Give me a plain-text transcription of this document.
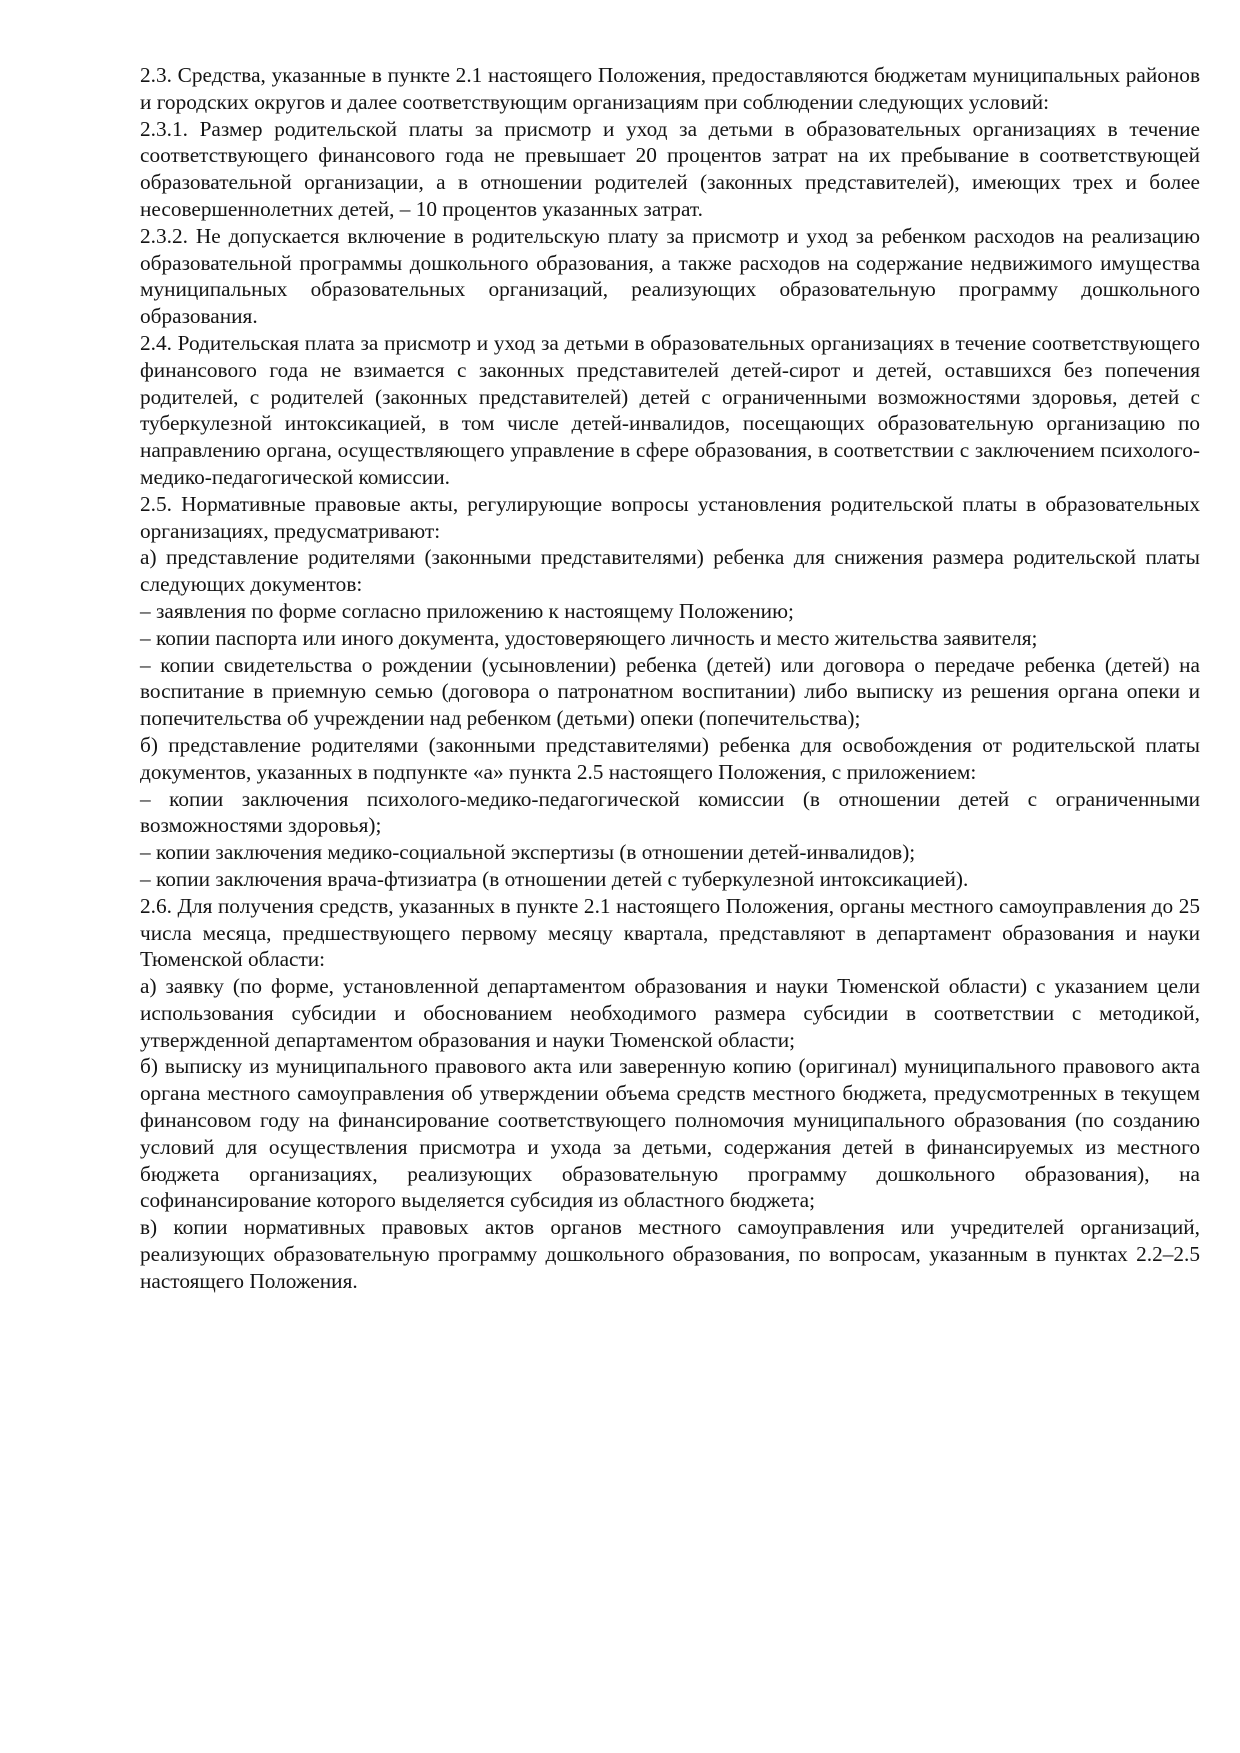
2.3. Средства, указанные в пункте 2.1 настоящего Положения, предоставляются бюджетам муниципальных районов и городских округов и далее соответствующим организациям при соблюдении следующих условий:

2.3.1. Размер родительской платы за присмотр и уход за детьми в образовательных организациях в течение соответствующего финансового года не превышает 20 процентов затрат на их пребывание в соответствующей образовательной организации, а в отношении родителей (законных представителей), имеющих трех и более несовершеннолетних детей, – 10 процентов указанных затрат.

2.3.2. Не допускается включение в родительскую плату за присмотр и уход за ребенком расходов на реализацию образовательной программы дошкольного образования, а также расходов на содержание недвижимого имущества муниципальных образовательных организаций, реализующих образовательную программу дошкольного образования.

2.4. Родительская плата за присмотр и уход за детьми в образовательных организациях в течение соответствующего финансового года не взимается с законных представителей детей-сирот и детей, оставшихся без попечения родителей, с родителей (законных представителей) детей с ограниченными возможностями здоровья, детей с туберкулезной интоксикацией, в том числе детей-инвалидов, посещающих образовательную организацию по направлению органа, осуществляющего управление в сфере образования, в соответствии с заключением психолого-медико-педагогической комиссии.

2.5. Нормативные правовые акты, регулирующие вопросы установления родительской платы в образовательных организациях, предусматривают:

а) представление родителями (законными представителями) ребенка для снижения размера родительской платы следующих документов:

– заявления по форме согласно приложению к настоящему Положению;

– копии паспорта или иного документа, удостоверяющего личность и место жительства заявителя;

– копии свидетельства о рождении (усыновлении) ребенка (детей) или договора о передаче ребенка (детей) на воспитание в приемную семью (договора о патронатном воспитании) либо выписку из решения органа опеки и попечительства об учреждении над ребенком (детьми) опеки (попечительства);

б) представление родителями (законными представителями) ребенка для освобождения от родительской платы документов, указанных в подпункте «а» пункта 2.5 настоящего Положения, с приложением:

– копии заключения психолого-медико-педагогической комиссии (в отношении детей с ограниченными возможностями здоровья);

– копии заключения медико-социальной экспертизы (в отношении детей-инвалидов);

– копии заключения врача-фтизиатра (в отношении детей с туберкулезной интоксикацией).

2.6. Для получения средств, указанных в пункте 2.1 настоящего Положения, органы местного самоуправления до 25 числа месяца, предшествующего первому месяцу квартала, представляют в департамент образования и науки Тюменской области:

а) заявку (по форме, установленной департаментом образования и науки Тюменской области) с указанием цели использования субсидии и обоснованием необходимого размера субсидии в соответствии с методикой, утвержденной департаментом образования и науки Тюменской области;

б) выписку из муниципального правового акта или заверенную копию (оригинал) муниципального правового акта органа местного самоуправления об утверждении объема средств местного бюджета, предусмотренных в текущем финансовом году на финансирование соответствующего полномочия муниципального образования (по созданию условий для осуществления присмотра и ухода за детьми, содержания детей в финансируемых из местного бюджета организациях, реализующих образовательную программу дошкольного образования), на софинансирование которого выделяется субсидия из областного бюджета;

в) копии нормативных правовых актов органов местного самоуправления или учредителей организаций, реализующих образовательную программу дошкольного образования, по вопросам, указанным в пунктах 2.2–2.5 настоящего Положения.
